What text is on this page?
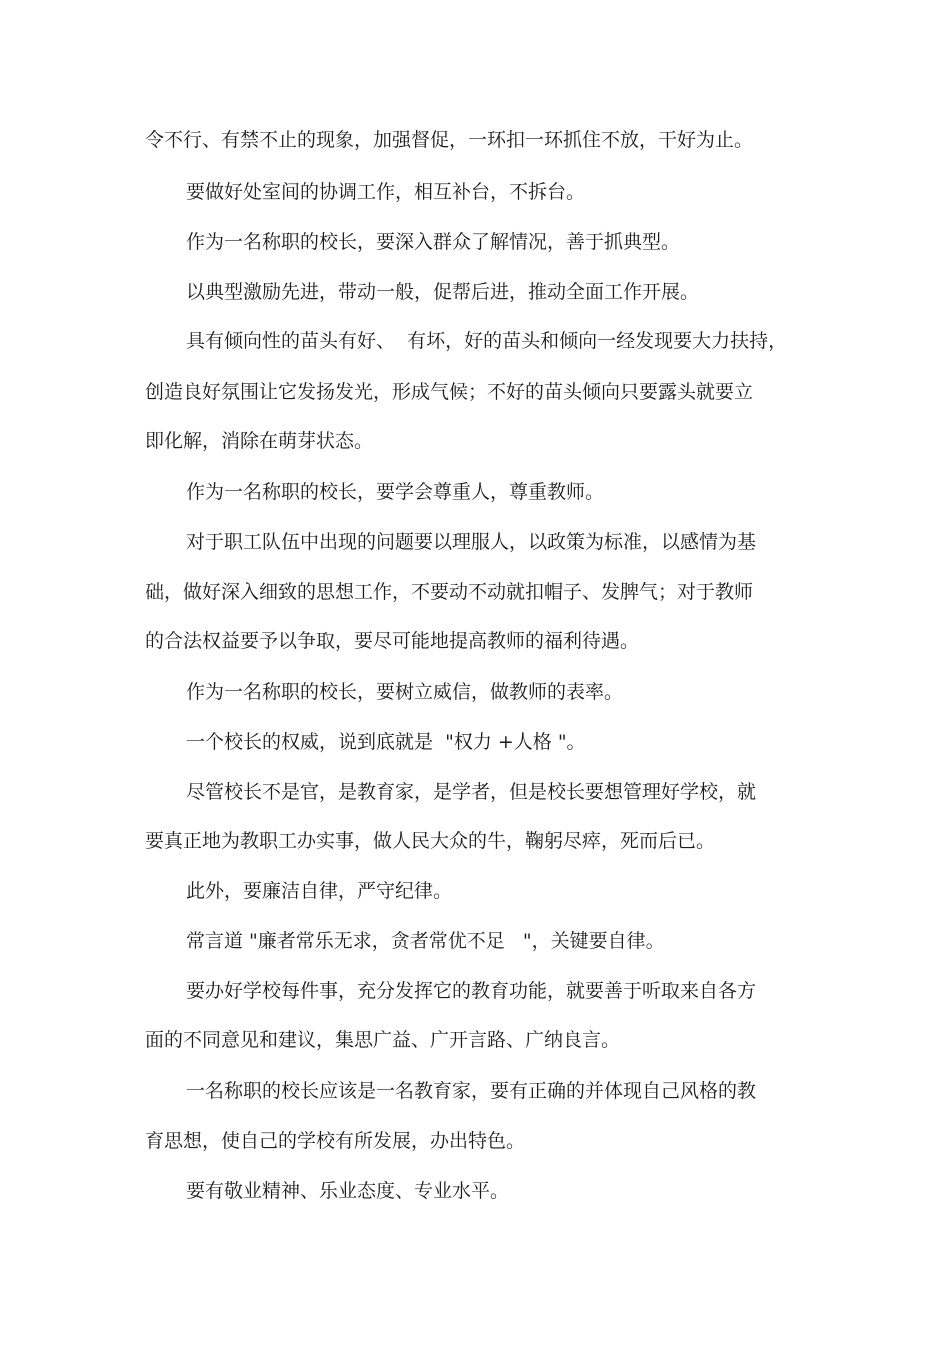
令不行、有禁不止的现象，加强督促，一环扣一环抓住不放，干好为止。
要做好处室间的协调工作，相互补台，不拆台。
作为一名称职的校长，要深入群众了解情况，善于抓典型。
以典型激励先进，带动一般，促帮后进，推动全面工作开展。
具有倾向性的苗头有好、  有坏，好的苗头和倾向一经发现要大力扶持，
创造良好氛围让它发扬发光，形成气候；不好的苗头倾向只要露头就要立
即化解，消除在萌芽状态。
作为一名称职的校长，要学会尊重人，尊重教师。
对于职工队伍中出现的问题要以理服人，以政策为标准，以感情为基
础，做好深入细致的思想工作，不要动不动就扣帽子、发脾气；对于教师
的合法权益要予以争取，要尽可能地提高教师的福利待遇。
作为一名称职的校长，要树立威信，做教师的表率。
一个校长的权威，说到底就是  "权力 +人格 "。
尽管校长不是官，是教育家，是学者，但是校长要想管理好学校，就
要真正地为教职工办实事，做人民大众的牛，鞠躬尽瘁，死而后已。
此外，要廉洁自律，严守纪律。
常言道 "廉者常乐无求，贪者常优不足   "，关键要自律。
要办好学校每件事，充分发挥它的教育功能，就要善于听取来自各方
面的不同意见和建议，集思广益、广开言路、广纳良言。
一名称职的校长应该是一名教育家，要有正确的并体现自己风格的教
育思想，使自己的学校有所发展，办出特色。
要有敬业精神、乐业态度、专业水平。
